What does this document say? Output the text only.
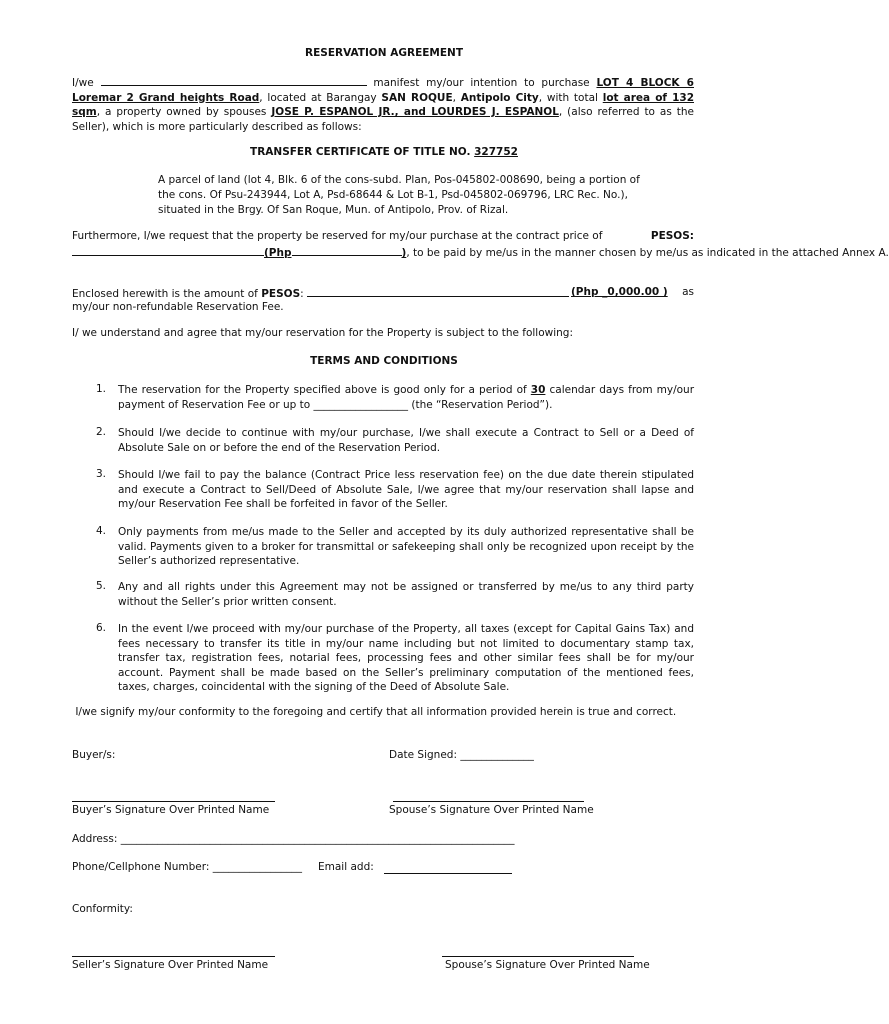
RESERVATION AGREEMENT

I/we	manifest my/our intention to purchase LOT 4 BLOCK 6 Loremar 2 Grand heights Road, located at Barangay SAN ROQUE, Antipolo City, with total lot area of 132 sqm, a property owned by spouses JOSE P. ESPANOL JR., and LOURDES J. ESPANOL, (also referred to as the Seller), which is more particularly described as follows:

TRANSFER CERTIFICATE OF TITLE NO. 327752
A parcel of land (lot 4, Blk. 6 of the cons-subd. Plan, Pos-045802-008690, being a portion of
the cons. Of Psu-243944, Lot A, Psd-68644 & Lot B-1, Psd-045802-069796, LRC Rec. No.),
situated in the Brgy. Of San Roque, Mun. of Antipolo, Prov. of Rizal.
Furthermore, I/we request that the property be reserved for my/our purchase at the contract price of	PESOS:
(Php	), to be paid by me/us in the manner chosen by me/us as indicated in the attached Annex A.
Enclosed herewith is the amount of PESOS:	(Php _0,000.00 ) as
my/our non-refundable Reservation Fee.
I/ we understand and agree that my/our reservation for the Property is subject to the following:
TERMS AND CONDITIONS
1. The reservation for the Property specified above is good only for a period of 30 calendar days from my/our payment of Reservation Fee or up to __________________ (the “Reservation Period”).

2. Should I/we decide to continue with my/our purchase, I/we shall execute a Contract to Sell or a Deed of Absolute Sale on or before the end of the Reservation Period.

3. Should I/we fail to pay the balance (Contract Price less reservation fee) on the due date therein stipulated and execute a Contract to Sell/Deed of Absolute Sale, I/we agree that my/our reservation shall lapse and my/our Reservation Fee shall be forfeited in favor of the Seller.

4. Only payments from me/us made to the Seller and accepted by its duly authorized representative shall be valid. Payments given to a broker for transmittal or safekeeping shall only be recognized upon receipt by the Seller’s authorized representative.

5. Any and all rights under this Agreement may not be assigned or transferred by me/us to any third party without the Seller’s prior written consent.

6. In the event I/we proceed with my/our purchase of the Property, all taxes (except for Capital Gains Tax) and fees necessary to transfer its title in my/our name including but not limited to documentary stamp tax, transfer tax, registration fees, notarial fees, processing fees and other similar fees shall be for my/our account. Payment shall be made based on the Seller’s preliminary computation of the mentioned fees, taxes, charges, coincidental with the signing of the Deed of Absolute Sale.

I/we signify my/our conformity to the foregoing and certify that all information provided herein is true and correct.
Buyer/s:	Date Signed: ______________
Buyer’s Signature Over Printed Name	Spouse’s Signature Over Printed Name
Address: ___________________________________________________________________________
Phone/Cellphone Number: _________________ Email add:
Conformity:
Seller’s Signature Over Printed Name	Spouse’s Signature Over Printed Name
